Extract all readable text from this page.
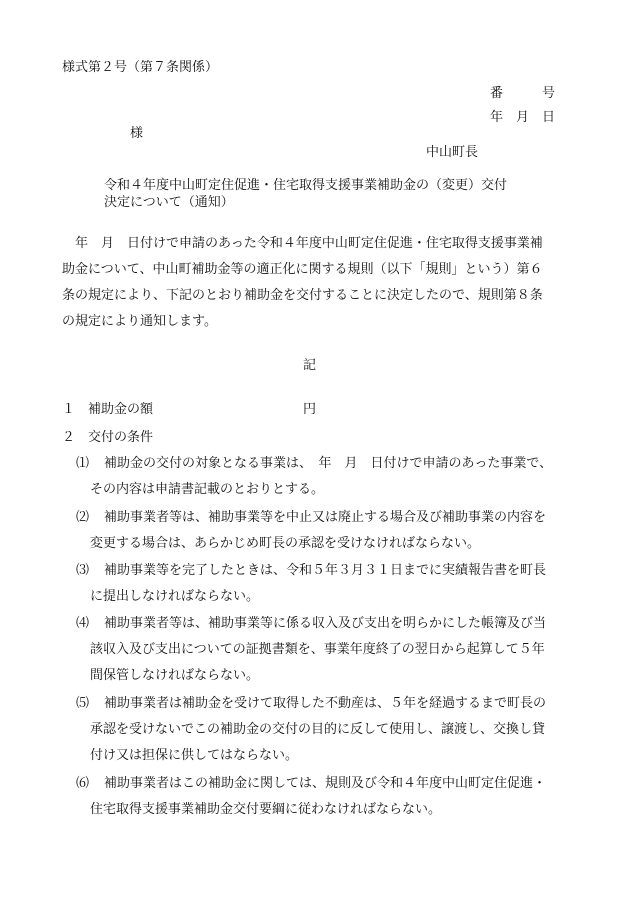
様式第２号（第７条関係）

番　　　号

年　月　日

様

中山町長

令和４年度中山町定住促進・住宅取得支援事業補助金の（変更）交付

決定について（通知）

　年　月　日付けで申請のあった令和４年度中山町定住促進・住宅取得支援事業補

助金について、中山町補助金等の適正化に関する規則（以下「規則」という）第６

条の規定により、下記のとおり補助金を交付することに決定したので、規則第８条

の規定により通知します。

記

１　補助金の額	円

２　交付の条件

⑴ 補助金の交付の対象となる事業は、　年　月　日付けで申請のあった事業で、

その内容は申請書記載のとおりとする。

⑵ 補助事業者等は、補助事業等を中止又は廃止する場合及び補助事業の内容を

変更する場合は、あらかじめ町長の承認を受けなければならない。

⑶ 補助事業等を完了したときは、令和５年３月３１日までに実績報告書を町長

に提出しなければならない。

⑷ 補助事業者等は、補助事業等に係る収入及び支出を明らかにした帳簿及び当

該収入及び支出についての証拠書類を、事業年度終了の翌日から起算して５年

間保管しなければならない。

⑸ 補助事業者は補助金を受けて取得した不動産は、５年を経過するまで町長の

承認を受けないでこの補助金の交付の目的に反して使用し、譲渡し、交換し貸

付け又は担保に供してはならない。

⑹ 補助事業者はこの補助金に関しては、規則及び令和４年度中山町定住促進・

住宅取得支援事業補助金交付要綱に従わなければならない。
